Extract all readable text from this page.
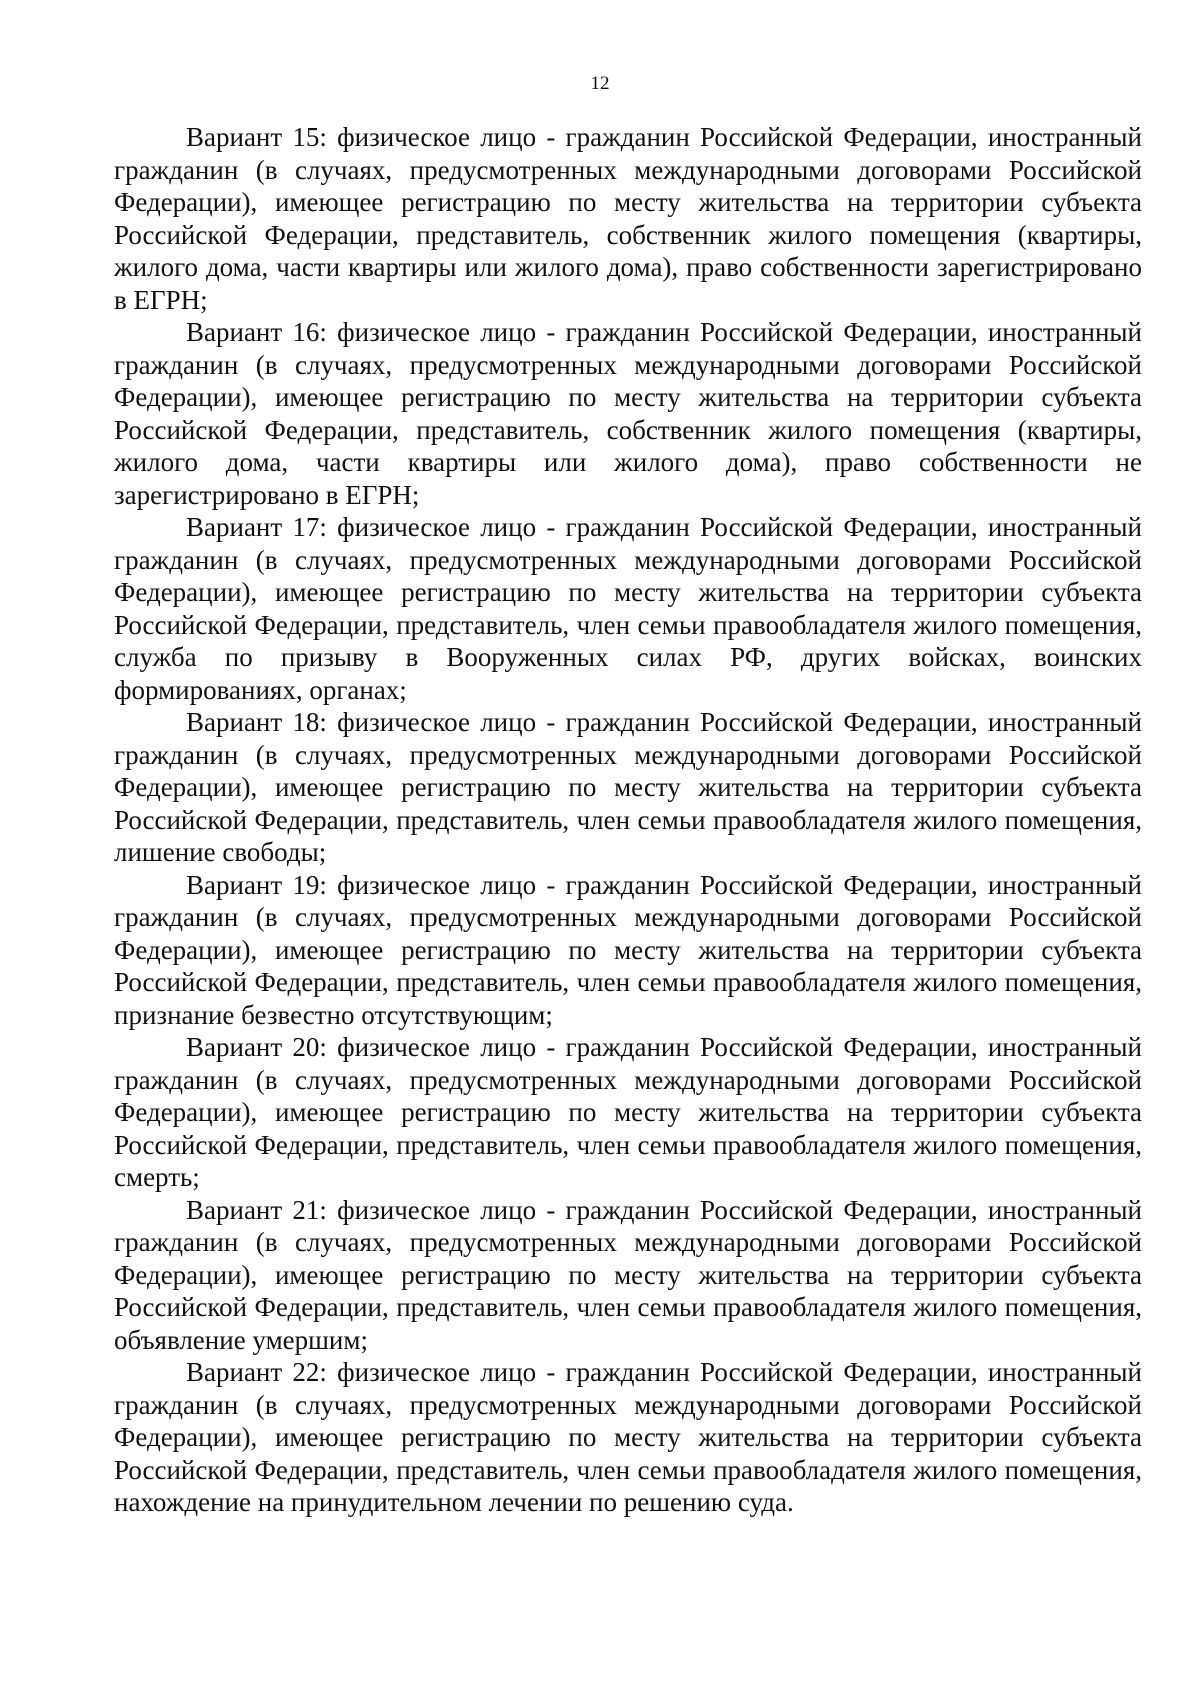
12

Вариант 15: физическое лицо - гражданин Российской Федерации, иностранный гражданин (в случаях, предусмотренных международными договорами Российской Федерации), имеющее регистрацию по месту жительства на территории субъекта Российской Федерации, представитель, собственник жилого помещения (квартиры, жилого дома, части квартиры или жилого дома), право собственности зарегистрировано в ЕГРН;

Вариант 16: физическое лицо - гражданин Российской Федерации, иностранный гражданин (в случаях, предусмотренных международными договорами Российской Федерации), имеющее регистрацию по месту жительства на территории субъекта Российской Федерации, представитель, собственник жилого помещения (квартиры, жилого дома, части квартиры или жилого дома), право собственности не зарегистрировано в ЕГРН;

Вариант 17: физическое лицо - гражданин Российской Федерации, иностранный гражданин (в случаях, предусмотренных международными договорами Российской Федерации), имеющее регистрацию по месту жительства на территории субъекта Российской Федерации, представитель, член семьи правообладателя жилого помещения, служба по призыву в Вооруженных силах РФ, других войсках, воинских формированиях, органах;

Вариант 18: физическое лицо - гражданин Российской Федерации, иностранный гражданин (в случаях, предусмотренных международными договорами Российской Федерации), имеющее регистрацию по месту жительства на территории субъекта Российской Федерации, представитель, член семьи правообладателя жилого помещения, лишение свободы;

Вариант 19: физическое лицо - гражданин Российской Федерации, иностранный гражданин (в случаях, предусмотренных международными договорами Российской Федерации), имеющее регистрацию по месту жительства на территории субъекта Российской Федерации, представитель, член семьи правообладателя жилого помещения, признание безвестно отсутствующим;

Вариант 20: физическое лицо - гражданин Российской Федерации, иностранный гражданин (в случаях, предусмотренных международными договорами Российской Федерации), имеющее регистрацию по месту жительства на территории субъекта Российской Федерации, представитель, член семьи правообладателя жилого помещения, смерть;

Вариант 21: физическое лицо - гражданин Российской Федерации, иностранный гражданин (в случаях, предусмотренных международными договорами Российской Федерации), имеющее регистрацию по месту жительства на территории субъекта Российской Федерации, представитель, член семьи правообладателя жилого помещения, объявление умершим;

Вариант 22: физическое лицо - гражданин Российской Федерации, иностранный гражданин (в случаях, предусмотренных международными договорами Российской Федерации), имеющее регистрацию по месту жительства на территории субъекта Российской Федерации, представитель, член семьи правообладателя жилого помещения, нахождение на принудительном лечении по решению суда.
